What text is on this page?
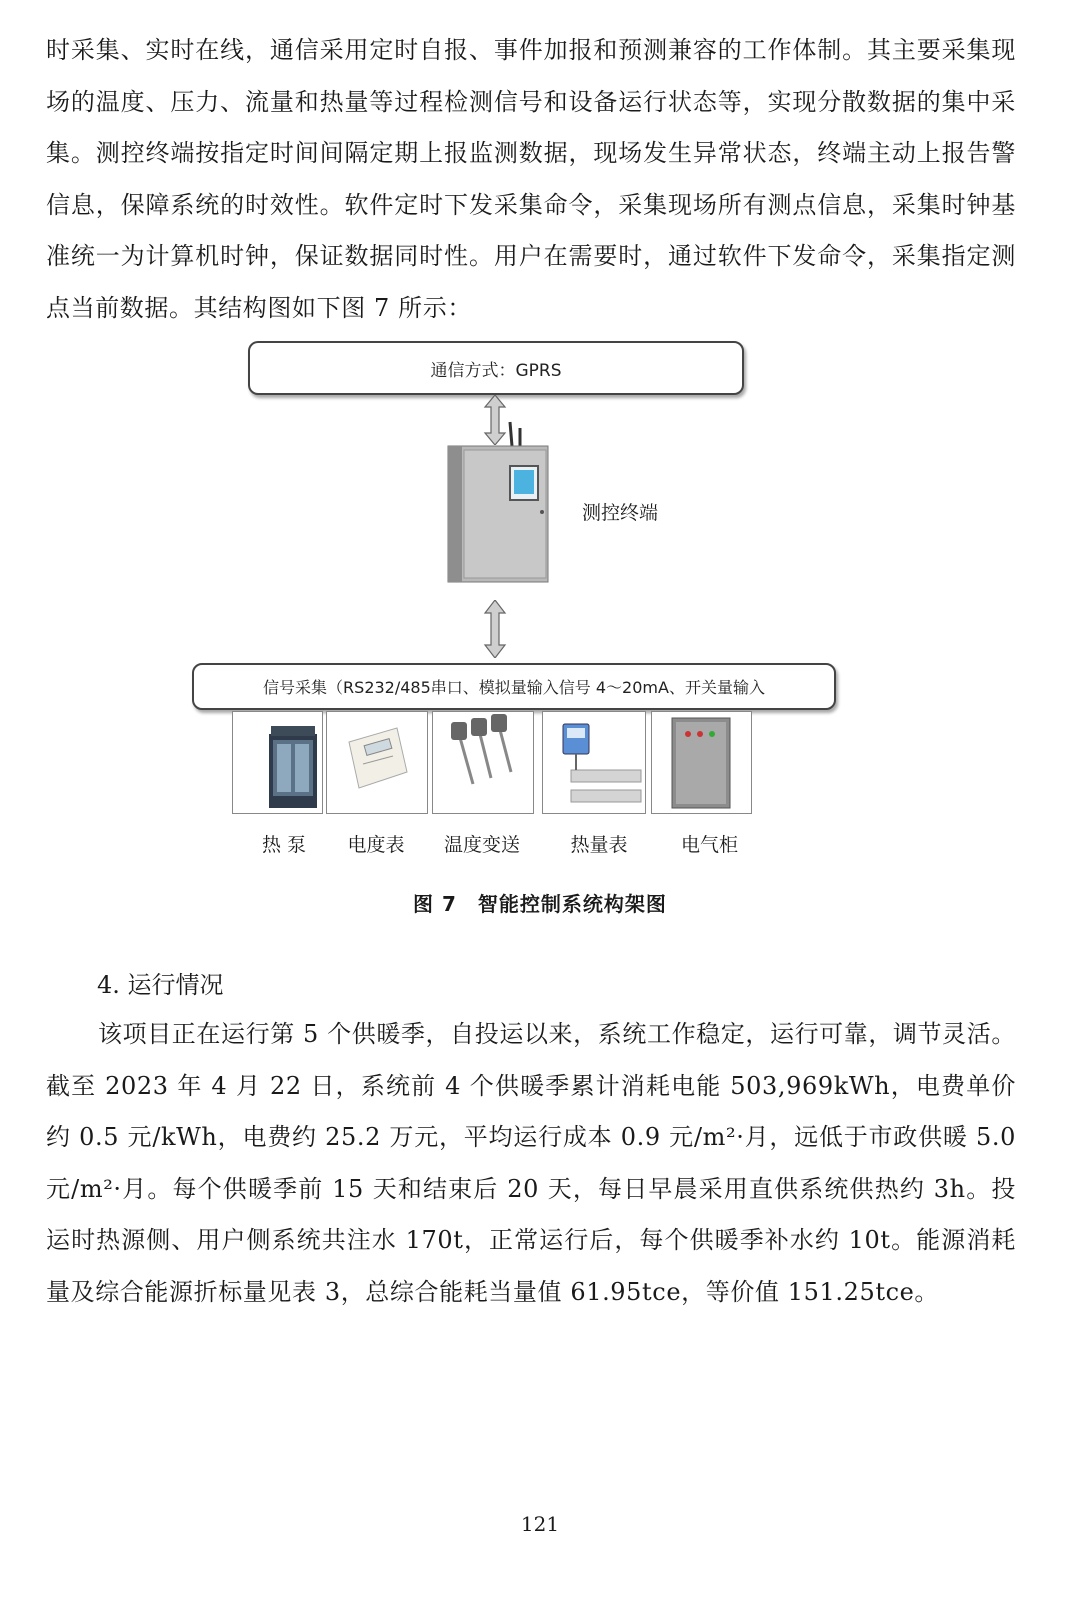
时采集、实时在线，通信采用定时自报、事件加报和预测兼容的工作体制。其主要采集现场的温度、压力、流量和热量等过程检测信号和设备运行状态等，实现分散数据的集中采集。测控终端按指定时间间隔定期上报监测数据，现场发生异常状态，终端主动上报告警信息，保障系统的时效性。软件定时下发采集命令，采集现场所有测点信息，采集时钟基准统一为计算机时钟，保证数据同时性。用户在需要时，通过软件下发命令，采集指定测点当前数据。其结构图如下图 7 所示：
通信方式：GPRS
测控终端
信号采集（RS232/485串口、模拟量输入信号 4～20mA、开关量输入
热 泵	电度表	温度变送	热量表	电气柜
图 7　智能控制系统构架图
4. 运行情况
该项目正在运行第 5 个供暖季，自投运以来，系统工作稳定，运行可靠，调节灵活。截至 2023 年 4 月 22 日，系统前 4 个供暖季累计消耗电能 503,969kWh，电费单价约 0.5 元/kWh，电费约 25.2 万元，平均运行成本 0.9 元/m²·月，远低于市政供暖 5.0 元/m²·月。每个供暖季前 15 天和结束后 20 天，每日早晨采用直供系统供热约 3h。投运时热源侧、用户侧系统共注水 170t，正常运行后，每个供暖季补水约 10t。能源消耗量及综合能源折标量见表 3，总综合能耗当量值 61.95tce，等价值 151.25tce。
121
